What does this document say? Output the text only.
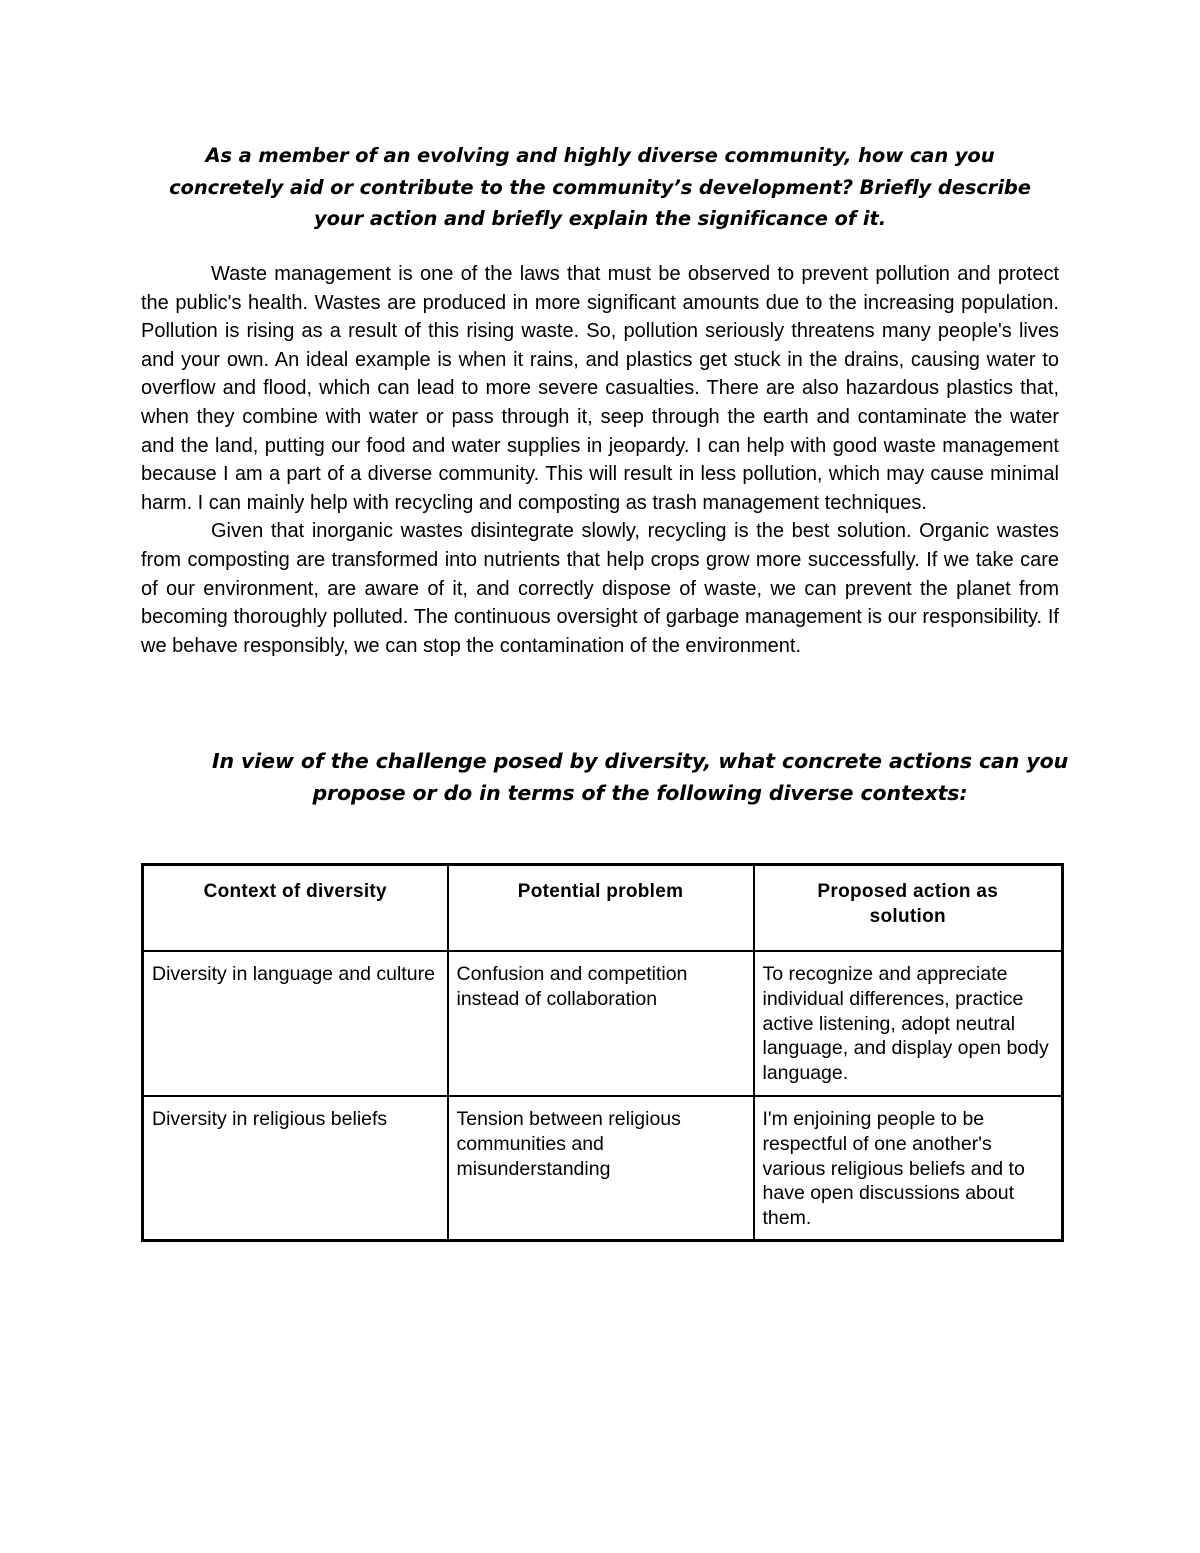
As a member of an evolving and highly diverse community, how can you
concretely aid or contribute to the community’s development? Briefly describe
your action and briefly explain the significance of it.

Waste management is one of the laws that must be observed to prevent pollution and protect the public's health. Wastes are produced in more significant amounts due to the increasing population. Pollution is rising as a result of this rising waste. So, pollution seriously threatens many people's lives and your own. An ideal example is when it rains, and plastics get stuck in the drains, causing water to overflow and flood, which can lead to more severe casualties. There are also hazardous plastics that, when they combine with water or pass through it, seep through the earth and contaminate the water and the land, putting our food and water supplies in jeopardy. I can help with good waste management because I am a part of a diverse community. This will result in less pollution, which may cause minimal harm. I can mainly help with recycling and composting as trash management techniques.

Given that inorganic wastes disintegrate slowly, recycling is the best solution. Organic wastes from composting are transformed into nutrients that help crops grow more successfully. If we take care of our environment, are aware of it, and correctly dispose of waste, we can prevent the planet from becoming thoroughly polluted. The continuous oversight of garbage management is our responsibility. If we behave responsibly, we can stop the contamination of the environment.

In view of the challenge posed by diversity, what concrete actions can you
propose or do in terms of the following diverse contexts:
Context of diversity	Potential problem	Proposed action as solution
Diversity in language and culture	Confusion and competition instead of collaboration	To recognize and appreciate individual differences, practice active listening, adopt neutral language, and display open body language.
Diversity in religious beliefs	Tension between religious communities and misunderstanding	I'm enjoining people to be respectful of one another's various religious beliefs and to have open discussions about them.
